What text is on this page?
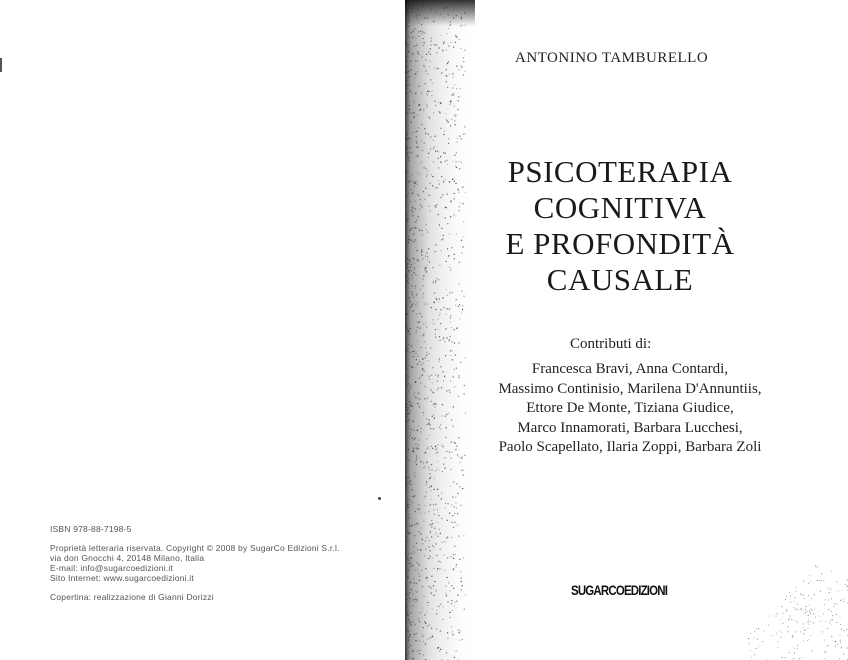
ISBN 978-88-7198-5
Proprietà letteraria riservata. Copyright © 2008 by SugarCo Edizioni S.r.l.
via don Gnocchi 4, 20148 Milano, Italia
E-mail: info@sugarcoedizioni.it
Sito Internet: www.sugarcoedizioni.it
Copertina: realizzazione di Gianni Dorizzi
ANTONINO TAMBURELLO
PSICOTERAPIA
COGNITIVA
E PROFONDITÀ
CAUSALE
Contributi di:
Francesca Bravi, Anna Contardi,
Massimo Continisio, Marilena D'Annuntiis,
Ettore De Monte, Tiziana Giudice,
Marco Innamorati, Barbara Lucchesi,
Paolo Scapellato, Ilaria Zoppi, Barbara Zoli
SUGARCOEDIZIONI
